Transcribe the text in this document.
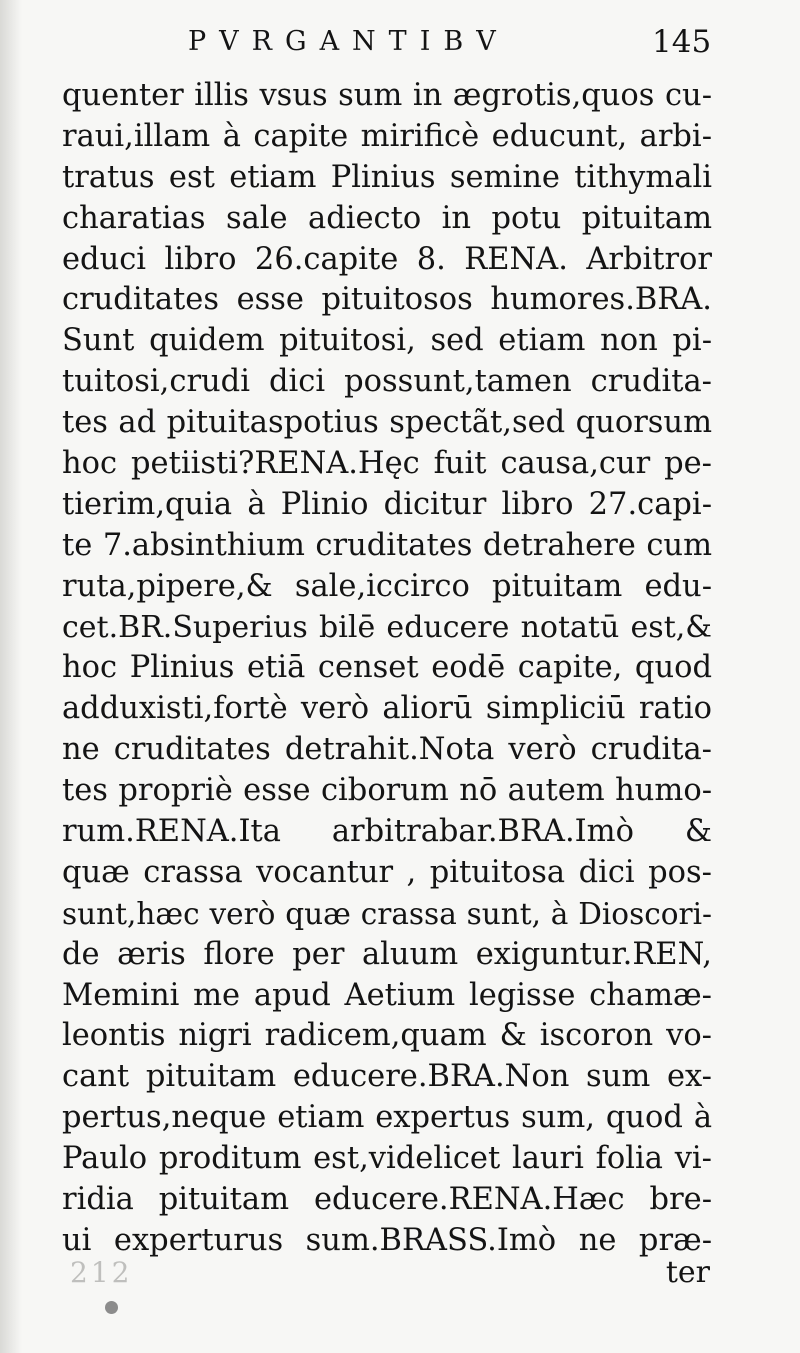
PVRGANTIBV	145
quenter illis vsus sum in ægrotis,quos cu-
raui,illam à capite mirificè educunt, arbi-
tratus est etiam Plinius semine tithymali
charatias sale adiecto in potu pituitam
educi libro 26.capite 8. RENA. Arbitror
cruditates esse pituitosos humores.BRA.
Sunt quidem pituitosi, sed etiam non pi-
tuitosi,crudi dici possunt,tamen crudita-
tes ad pituitaspotius spectãt,sed quorsum
hoc petiisti?RENA.Hęc fuit causa,cur pe-
tierim,quia à Plinio dicitur libro 27.capi-
te 7.absinthium cruditates detrahere cum
ruta,pipere,& sale,iccirco pituitam edu-
cet.BR.Superius bilē educere notatū est,&
hoc Plinius etiā censet eodē capite, quod
adduxisti,fortè verò aliorū simpliciū ratio
ne cruditates detrahit.Nota verò crudita-
tes propriè esse ciborum nō autem humo-
rum.RENA.Ita arbitrabar.BRA.Imò &
quæ crassa vocantur , pituitosa dici pos-
sunt,hæc verò quæ crassa sunt, à Dioscori-
de æris flore per aluum exiguntur.REN,
Memini me apud Aetium legisse chamæ-
leontis nigri radicem,quam & iscoron vo-
cant pituitam educere.BRA.Non sum ex-
pertus,neque etiam expertus sum, quod à
Paulo proditum est,videlicet lauri folia vi-
ridia pituitam educere.RENA.Hæc bre-
ui experturus sum.BRASS.Imò ne præ-
212	ter
